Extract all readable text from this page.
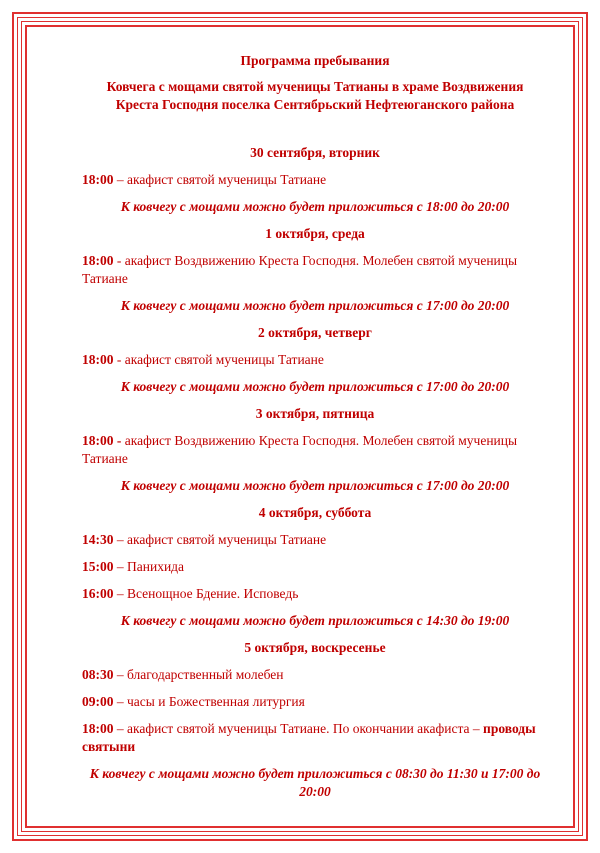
Программа пребывания
Ковчега с мощами святой мученицы Татианы в храме Воздвижения
Креста Господня поселка Сентябрьский Нефтеюганского района
30 сентября, вторник
18:00 – акафист святой мученицы Татиане
К ковчегу с мощами можно будет приложиться с 18:00 до 20:00
1 октября, среда
18:00 - акафист Воздвижению Креста Господня. Молебен святой мученицы Татиане
К ковчегу с мощами можно будет приложиться с 17:00 до 20:00
2 октября, четверг
18:00 - акафист святой мученицы Татиане
К ковчегу с мощами можно будет приложиться с 17:00 до 20:00
3 октября, пятница
18:00 - акафист Воздвижению Креста Господня. Молебен святой мученицы Татиане
К ковчегу с мощами можно будет приложиться с 17:00 до 20:00
4 октября, суббота
14:30 – акафист святой мученицы Татиане
15:00 – Панихида
16:00 – Всенощное Бдение. Исповедь
К ковчегу с мощами можно будет приложиться с 14:30 до 19:00
5 октября, воскресенье
08:30 – благодарственный молебен
09:00 – часы и Божественная литургия
18:00 – акафист святой мученицы Татиане. По окончании акафиста – проводы святыни
К ковчегу с мощами можно будет приложиться с 08:30 до 11:30 и 17:00 до 20:00
